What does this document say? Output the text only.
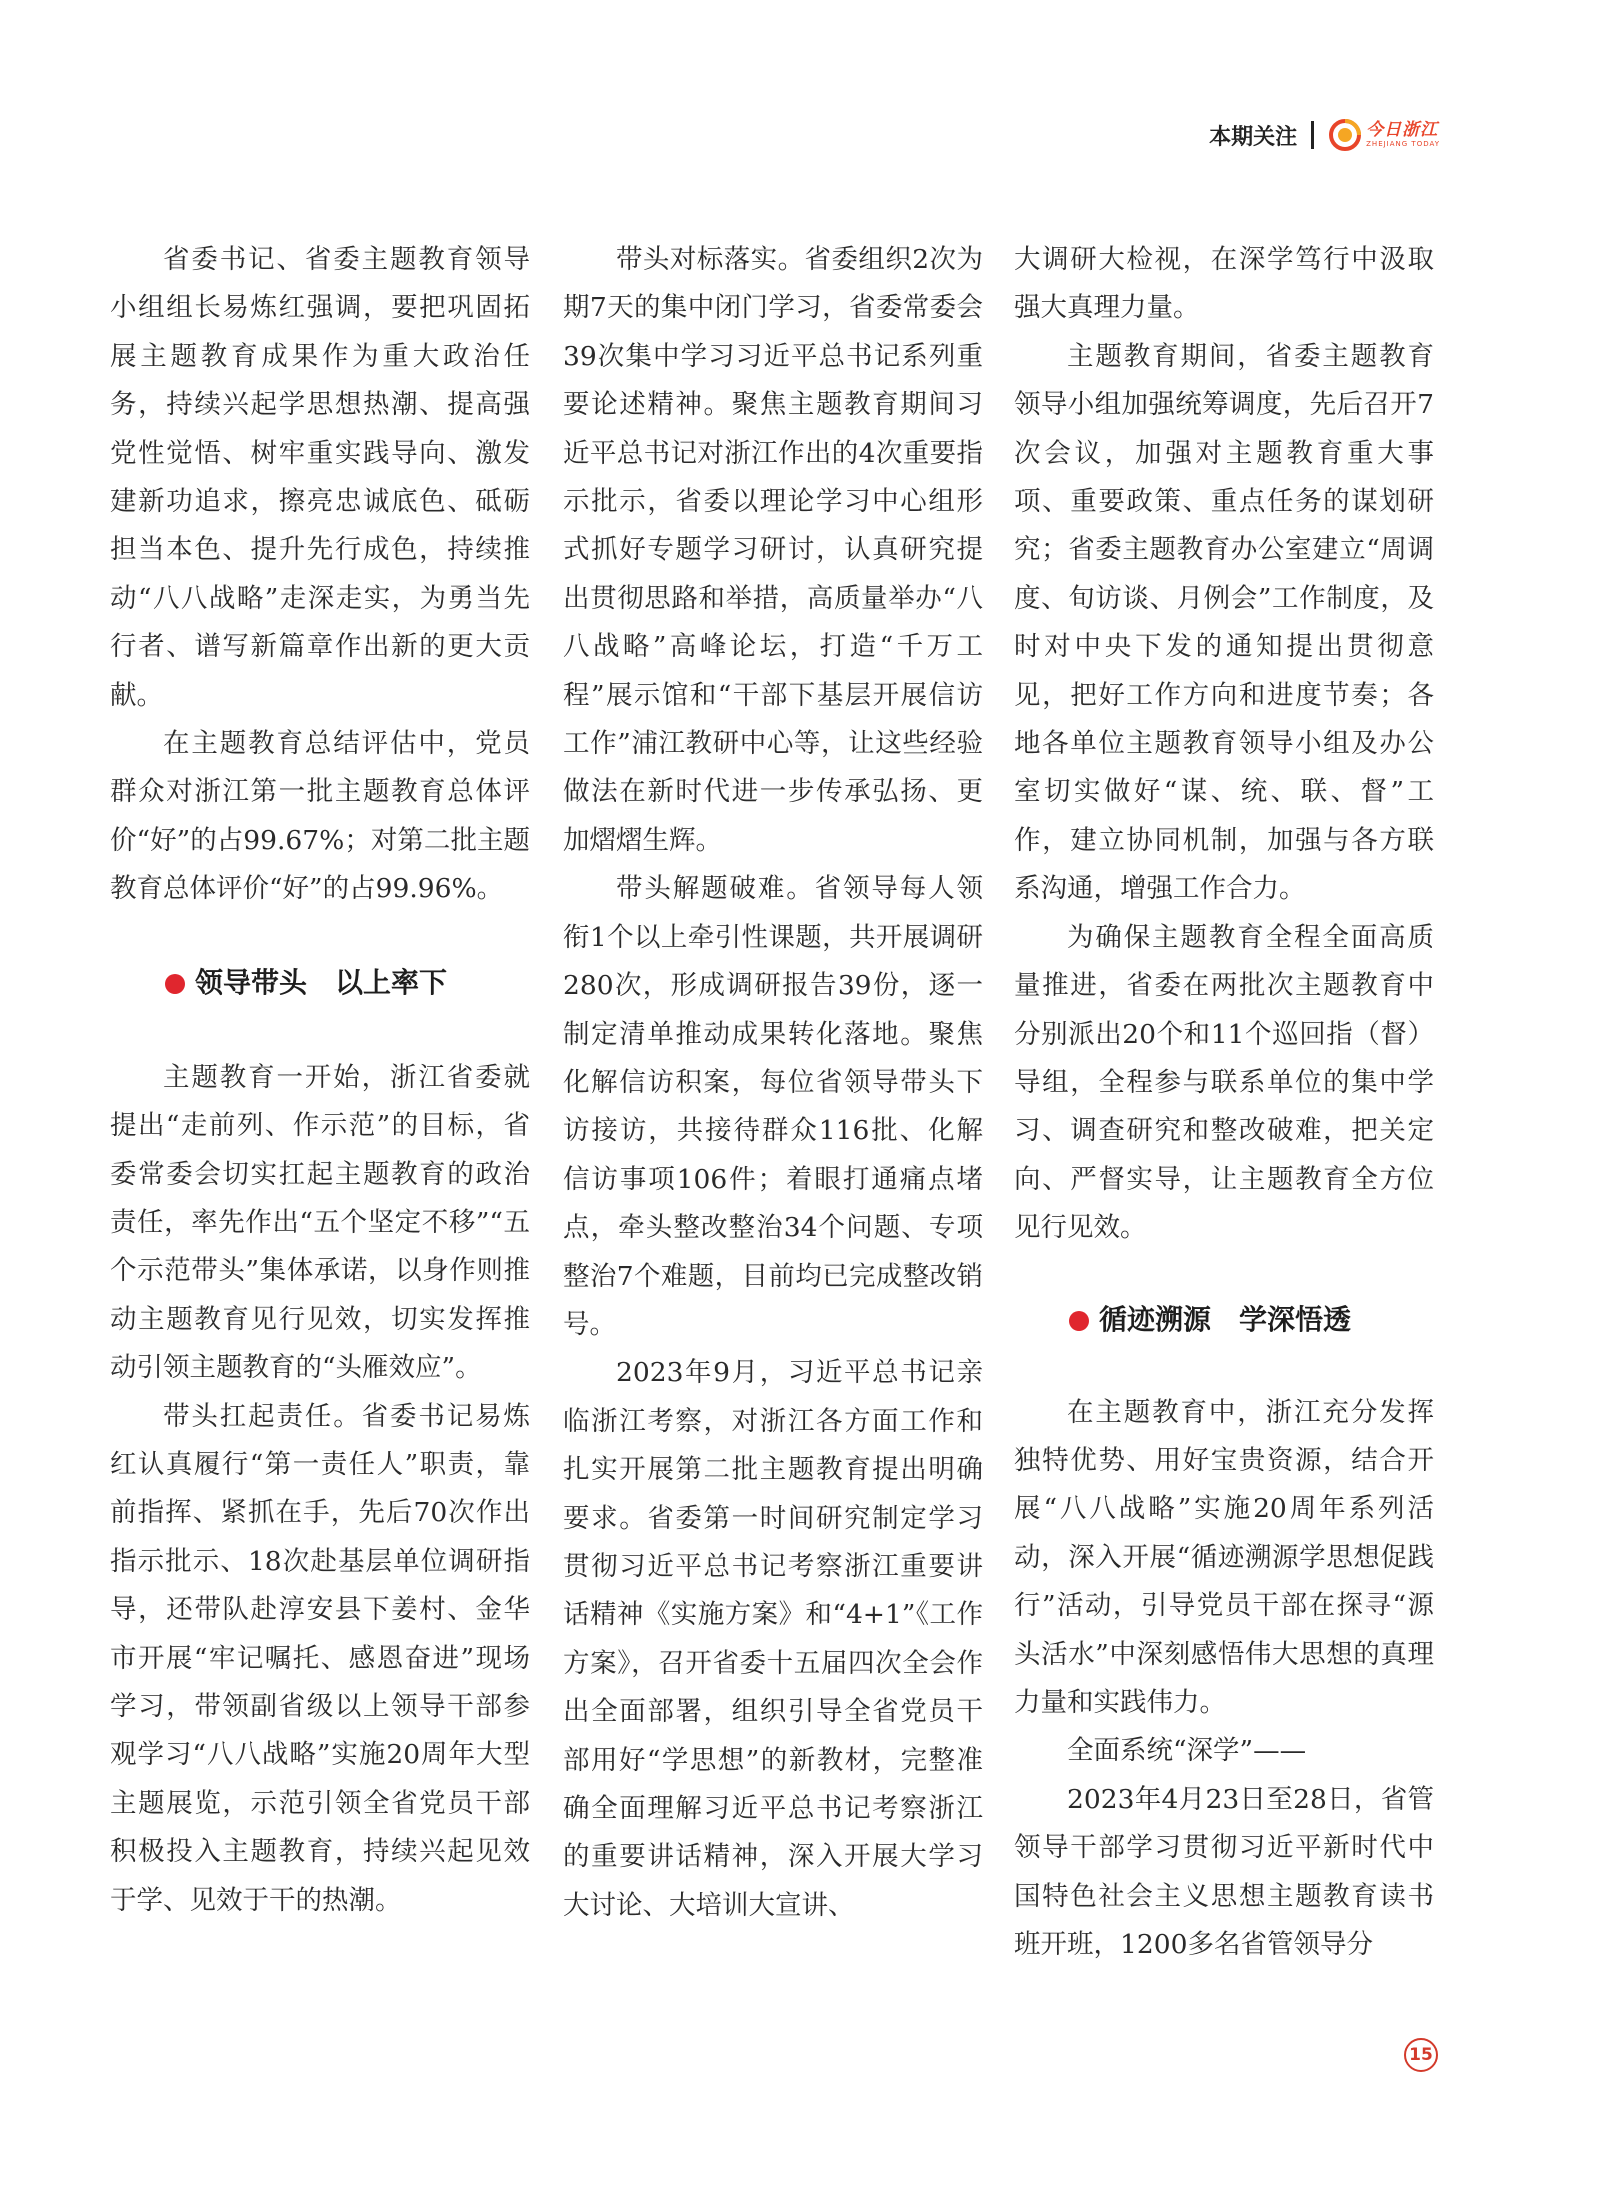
本期关注	今日浙江
ZHEJIANG TODAY

省委书记、省委主题教育领导小组组长易炼红强调，要把巩固拓展主题教育成果作为重大政治任务，持续兴起学思想热潮、提高强党性觉悟、树牢重实践导向、激发建新功追求，擦亮忠诚底色、砥砺担当本色、提升先行成色，持续推动“八八战略”走深走实，为勇当先行者、谱写新篇章作出新的更大贡献。

在主题教育总结评估中，党员群众对浙江第一批主题教育总体评价“好”的占99.67%；对第二批主题教育总体评价“好”的占99.96%。

领导带头　以上率下

主题教育一开始，浙江省委就提出“走前列、作示范”的目标，省委常委会切实扛起主题教育的政治责任，率先作出“五个坚定不移”“五个示范带头”集体承诺，以身作则推动主题教育见行见效，切实发挥推动引领主题教育的“头雁效应”。

带头扛起责任。省委书记易炼红认真履行“第一责任人”职责，靠前指挥、紧抓在手，先后70次作出指示批示、18次赴基层单位调研指导，还带队赴淳安县下姜村、金华市开展“牢记嘱托、感恩奋进”现场学习，带领副省级以上领导干部参观学习“八八战略”实施20周年大型主题展览，示范引领全省党员干部积极投入主题教育，持续兴起见效于学、见效于干的热潮。

带头对标落实。省委组织2次为期7天的集中闭门学习，省委常委会39次集中学习习近平总书记系列重要论述精神。聚焦主题教育期间习近平总书记对浙江作出的4次重要指示批示，省委以理论学习中心组形式抓好专题学习研讨，认真研究提出贯彻思路和举措，高质量举办“八八战略”高峰论坛，打造“千万工程”展示馆和“干部下基层开展信访工作”浦江教研中心等，让这些经验做法在新时代进一步传承弘扬、更加熠熠生辉。

带头解题破难。省领导每人领衔1个以上牵引性课题，共开展调研280次，形成调研报告39份，逐一制定清单推动成果转化落地。聚焦化解信访积案，每位省领导带头下访接访，共接待群众116批、化解信访事项106件；着眼打通痛点堵点，牵头整改整治34个问题、专项整治7个难题，目前均已完成整改销号。

2023年9月，习近平总书记亲临浙江考察，对浙江各方面工作和扎实开展第二批主题教育提出明确要求。省委第一时间研究制定学习贯彻习近平总书记考察浙江重要讲话精神《实施方案》和“4+1”《工作方案》，召开省委十五届四次全会作出全面部署，组织引导全省党员干部用好“学思想”的新教材，完整准确全面理解习近平总书记考察浙江的重要讲话精神，深入开展大学习大讨论、大培训大宣讲、

大调研大检视，在深学笃行中汲取强大真理力量。

主题教育期间，省委主题教育领导小组加强统筹调度，先后召开7次会议，加强对主题教育重大事项、重要政策、重点任务的谋划研究；省委主题教育办公室建立“周调度、旬访谈、月例会”工作制度，及时对中央下发的通知提出贯彻意见，把好工作方向和进度节奏；各地各单位主题教育领导小组及办公室切实做好“谋、统、联、督”工作，建立协同机制，加强与各方联系沟通，增强工作合力。

为确保主题教育全程全面高质量推进，省委在两批次主题教育中分别派出20个和11个巡回指（督）导组，全程参与联系单位的集中学习、调查研究和整改破难，把关定向、严督实导，让主题教育全方位见行见效。

循迹溯源　学深悟透

在主题教育中，浙江充分发挥独特优势、用好宝贵资源，结合开展“八八战略”实施20周年系列活动，深入开展“循迹溯源学思想促践行”活动，引导党员干部在探寻“源头活水”中深刻感悟伟大思想的真理力量和实践伟力。

全面系统“深学”——

2023年4月23日至28日，省管领导干部学习贯彻习近平新时代中国特色社会主义思想主题教育读书班开班，1200多名省管领导分

15
